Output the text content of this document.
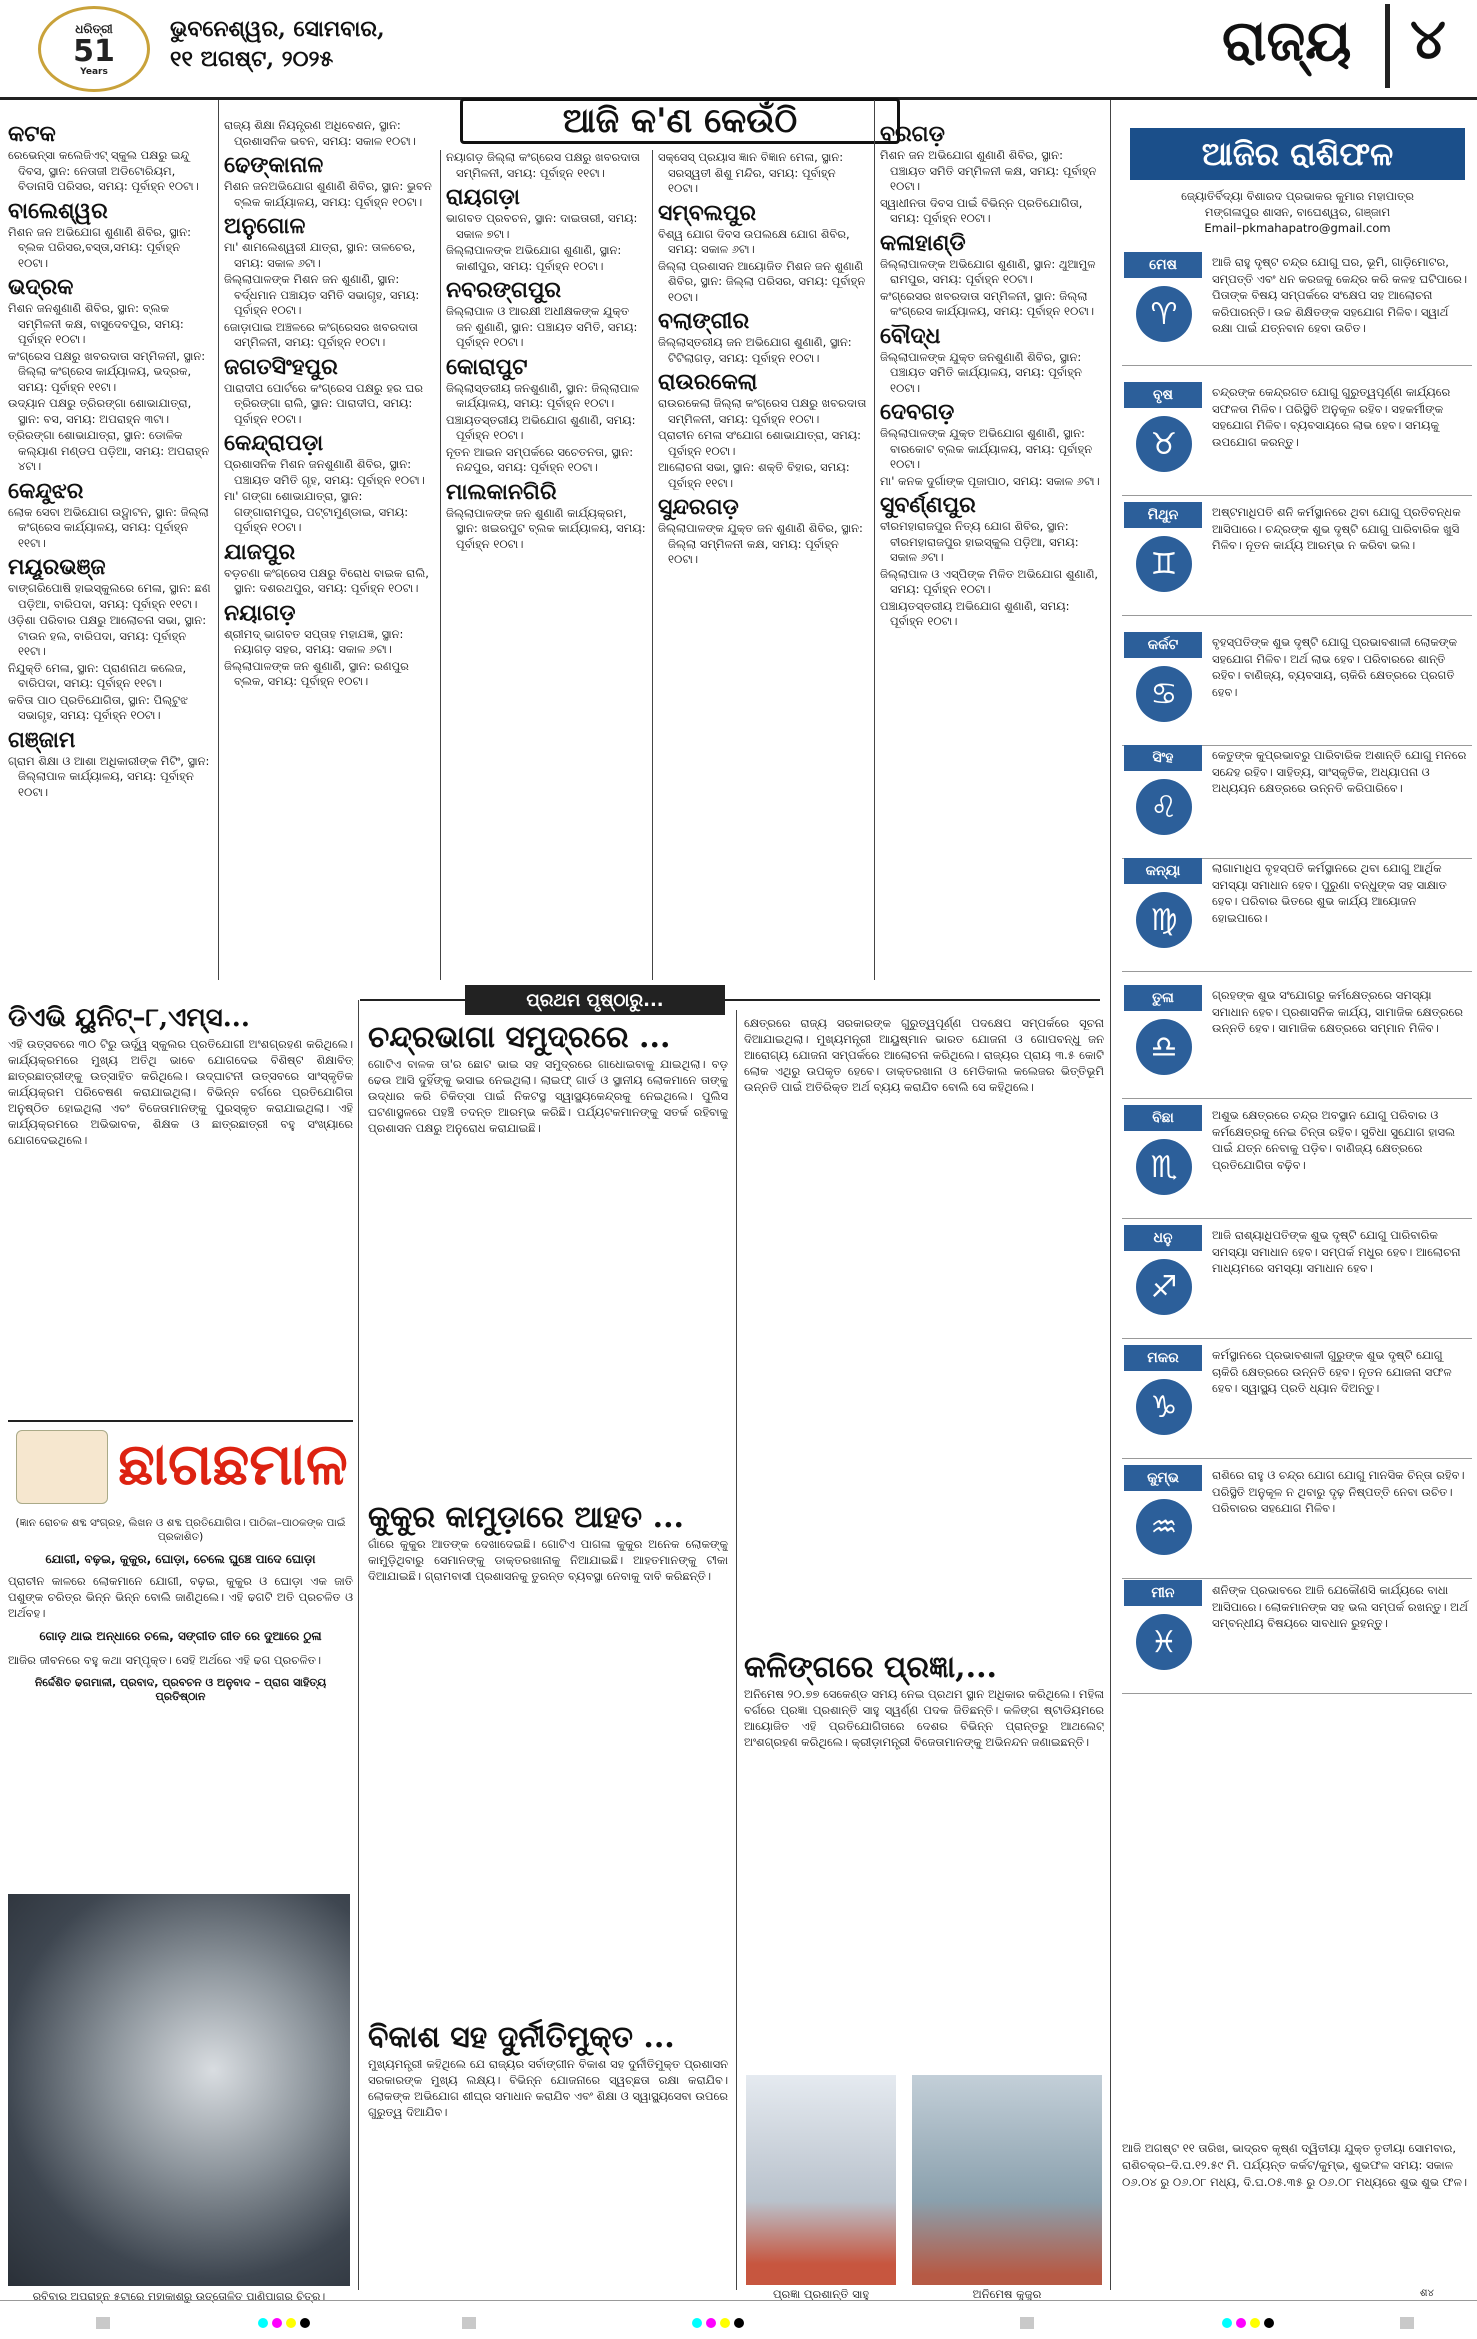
ଧରିତ୍ରୀ
51
Years
ଭୁବନେଶ୍ୱର, ସୋମବାର,
୧୧ ଅଗଷ୍ଟ, ୨୦୨୫	ରାଜ୍ୟ ୪
ଆଜି କ'ଣ କେଉଁଠି
କଟକ
ରେଭେନ୍ସା କଲେଜିଏଟ୍ ସ୍କୁଲ ପକ୍ଷରୁ ଇନ୍ଦୁ ଦିବସ, ସ୍ଥାନ: ନେତାଜୀ ଅଡିଟୋରିୟମ, ବିଡାନାସି ପରିସର, ସମୟ: ପୂର୍ବାହ୍ନ ୧୦ଟା।
ବାଲେଶ୍ୱର
ମିଶନ ଜନ ଅଭିଯୋଗ ଶୁଣାଣି ଶିବିର, ସ୍ଥାନ: ବ୍ଲକ ପରିସର,ବସ୍ତା,ସମୟ: ପୂର୍ବାହ୍ନ ୧୦ଟା।
ଭଦ୍ରକ
ମିଶନ ଜନଶୁଣାଣି ଶିବିର, ସ୍ଥାନ: ବ୍ଲକ ସମ୍ମିଳନୀ କକ୍ଷ, ବାସୁଦେବପୁର, ସମୟ: ପୂର୍ବାହ୍ନ ୧୦ଟା।
କଂଗ୍ରେସ ପକ୍ଷରୁ ଖବରଦାତା ସମ୍ମିଳନୀ, ସ୍ଥାନ: ଜିଲ୍ଲା କଂଗ୍ରେସ କାର୍ଯ୍ୟାଳୟ, ଭଦ୍ରକ, ସମୟ: ପୂର୍ବାହ୍ନ ୧୧ଟା।
ଉଦ୍ୟାନ ପକ୍ଷରୁ ତ୍ରିରଙ୍ଗା ଶୋଭାଯାତ୍ରା, ସ୍ଥାନ: ବସ, ସମୟ: ଅପରାହ୍ନ ୩ଟା।
ତ୍ରିରଙ୍ଗା ଶୋଭାଯାତ୍ରା, ସ୍ଥାନ: ଡୋଳିକ କଲ୍ୟାଣ ମଣ୍ଡପ ପଡ଼ିଆ, ସମୟ: ଅପରାହ୍ନ ୪ଟା।
କେନ୍ଦୁଝର
ଲୋକ ସେବା ଅଭିଯୋଗ ଉଦ୍ଘାଟନ, ସ୍ଥାନ: ଜିଲ୍ଲା କଂଗ୍ରେସ କାର୍ଯ୍ୟାଳୟ, ସମୟ: ପୂର୍ବାହ୍ନ ୧୧ଟା।
ମୟୂରଭଞ୍ଜ
ବାଙ୍ଗରିପୋଷି ହାଇସ୍କୁଲରେ ମେଳା, ସ୍ଥାନ: ଛଣ ପଡ଼ିଆ, ବାରିପଦା, ସମୟ: ପୂର୍ବାହ୍ନ ୧୧ଟା।
ଓଡ଼ିଶା ପରିବାର ପକ୍ଷରୁ ଆଲୋଚନା ସଭା, ସ୍ଥାନ: ଟାଉନ ହଲ, ବାରିପଦା, ସମୟ: ପୂର୍ବାହ୍ନ ୧୧ଟା।
ନିଯୁକ୍ତି ମେଳା, ସ୍ଥାନ: ପ୍ରାଣନାଥ କଲେଜ, ବାରିପଦା, ସମୟ: ପୂର୍ବାହ୍ନ ୧୧ଟା।
କବିତା ପାଠ ପ୍ରତିଯୋଗିତା, ସ୍ଥାନ: ପିଲ୍ଟୁଝ ସଭାଗୃହ, ସମୟ: ପୂର୍ବାହ୍ନ ୧୦ଟା।
ଗଞ୍ଜାମ
ଗ୍ରାମ ଶିକ୍ଷା ଓ ଆଶା ଅଧିକାରୀଙ୍କ ମିଟିଂ, ସ୍ଥାନ: ଜିଲ୍ଲାପାଳ କାର୍ଯ୍ୟାଳୟ, ସମୟ: ପୂର୍ବାହ୍ନ ୧୦ଟା।
ରାଜ୍ୟ ଶିକ୍ଷା ନିୟନ୍ତ୍ରଣ ଅଧିବେଶନ, ସ୍ଥାନ: ପ୍ରଶାସନିକ ଭବନ, ସମୟ: ସକାଳ ୧୦ଟା।
ଢେଙ୍କାନାଳ
ମିଶନ ଜନଅଭିଯୋଗ ଶୁଣାଣି ଶିବିର, ସ୍ଥାନ: ଭୁବନ ବ୍ଲକ କାର୍ଯ୍ୟାଳୟ, ସମୟ: ପୂର୍ବାହ୍ନ ୧୦ଟା।
ଅନୁଗୋଳ
ମା' ଶାମଲେଶ୍ୱରୀ ଯାତ୍ରା, ସ୍ଥାନ: ତାଳଚେର, ସମୟ: ସକାଳ ୬ଟା।
ଜିଲ୍ଲାପାଳଙ୍କ ମିଶନ ଜନ ଶୁଣାଣି, ସ୍ଥାନ: ବର୍ଦ୍ଧମାନ ପଞ୍ଚାୟତ ସମିତି ସଭାଗୃହ, ସମୟ: ପୂର୍ବାହ୍ନ ୧୦ଟା।
ଜୋଡ଼ାପାଇ ଅଞ୍ଚଳରେ କଂଗ୍ରେସର ଖବରଦାତା ସମ୍ମିଳନୀ, ସମୟ: ପୂର୍ବାହ୍ନ ୧୦ଟା।
ଜଗତସିଂହପୁର
ପାରାଦୀପ ପୋର୍ଟରେ କଂଗ୍ରେସ ପକ୍ଷରୁ ହର ଘର ତ୍ରିରଙ୍ଗା ରାଲି, ସ୍ଥାନ: ପାରାଦୀପ, ସମୟ: ପୂର୍ବାହ୍ନ ୧୦ଟା।
କେନ୍ଦ୍ରାପଡ଼ା
ପ୍ରଶାସନିକ ମିଶନ ଜନଶୁଣାଣି ଶିବିର, ସ୍ଥାନ: ପଞ୍ଚାୟତ ସମିତି ଗୃହ, ସମୟ: ପୂର୍ବାହ୍ନ ୧୦ଟା।
ମା' ଗଙ୍ଗା ଶୋଭାଯାତ୍ରା, ସ୍ଥାନ: ଗଙ୍ଗାରାମପୁର, ପଟ୍ଟାମୁଣ୍ଡାଇ, ସମୟ: ପୂର୍ବାହ୍ନ ୧୦ଟା।
ଯାଜପୁର
ବଡ଼ଚଣା କଂଗ୍ରେସ ପକ୍ଷରୁ ବିରୋଧ ବାଇକ ରାଲି, ସ୍ଥାନ: ଦଶରଥପୁର, ସମୟ: ପୂର୍ବାହ୍ନ ୧୦ଟା।
ନୟାଗଡ଼
ଶ୍ରୀମଦ୍ ଭାଗବତ ସପ୍ତାହ ମହାଯଜ୍ଞ, ସ୍ଥାନ: ନୟାଗଡ଼ ସହର, ସମୟ: ସକାଳ ୬ଟା।
ଜିଲ୍ଲାପାଳଙ୍କ ଜନ ଶୁଣାଣି, ସ୍ଥାନ: ରଣପୁର ବ୍ଲକ, ସମୟ: ପୂର୍ବାହ୍ନ ୧୦ଟା।
ନୟାଗଡ଼ ଜିଲ୍ଲା କଂଗ୍ରେସ ପକ୍ଷରୁ ଖବରଦାତା ସମ୍ମିଳନୀ, ସମୟ: ପୂର୍ବାହ୍ନ ୧୧ଟା।
ରାୟଗଡ଼ା
ଭାଗବତ ପ୍ରବଚନ, ସ୍ଥାନ: ଦାଇତାରୀ, ସମୟ: ସକାଳ ୭ଟା।
ଜିଲ୍ଲାପାଳଙ୍କ ଅଭିଯୋଗ ଶୁଣାଣି, ସ୍ଥାନ: କାଶୀପୁର, ସମୟ: ପୂର୍ବାହ୍ନ ୧୦ଟା।
ନବରଙ୍ଗପୁର
ଜିଲ୍ଲାପାଳ ଓ ଆରକ୍ଷୀ ଅଧୀକ୍ଷକଙ୍କ ଯୁକ୍ତ ଜନ ଶୁଣାଣି, ସ୍ଥାନ: ପଞ୍ଚାୟତ ସମିତି, ସମୟ: ପୂର୍ବାହ୍ନ ୧୦ଟା।
କୋରାପୁଟ
ଜିଲ୍ଲାସ୍ତରୀୟ ଜନଶୁଣାଣି, ସ୍ଥାନ: ଜିଲ୍ଲାପାଳ କାର୍ଯ୍ୟାଳୟ, ସମୟ: ପୂର୍ବାହ୍ନ ୧୦ଟା।
ପଞ୍ଚାୟତସ୍ତରୀୟ ଅଭିଯୋଗ ଶୁଣାଣି, ସମୟ: ପୂର୍ବାହ୍ନ ୧୦ଟା।
ନୂତନ ଆଇନ ସମ୍ପର୍କରେ ସଚେତନତା, ସ୍ଥାନ: ନନ୍ଦପୁର, ସମୟ: ପୂର୍ବାହ୍ନ ୧୦ଟା।
ମାଲକାନଗିରି
ଜିଲ୍ଲାପାଳଙ୍କ ଜନ ଶୁଣାଣି କାର୍ଯ୍ୟକ୍ରମ, ସ୍ଥାନ: ଖଇରପୁଟ ବ୍ଲକ କାର୍ଯ୍ୟାଳୟ, ସମୟ: ପୂର୍ବାହ୍ନ ୧୦ଟା।
ସକ୍ସେସ୍ ପ୍ରୟାସ ଜ୍ଞାନ ବିଜ୍ଞାନ ମେଳା, ସ୍ଥାନ: ସରସ୍ୱତୀ ଶିଶୁ ମନ୍ଦିର, ସମୟ: ପୂର୍ବାହ୍ନ ୧୦ଟା।
ସମ୍ବଲପୁର
ବିଶ୍ୱ ଯୋଗ ଦିବସ ଉପଲକ୍ଷେ ଯୋଗ ଶିବିର, ସମୟ: ସକାଳ ୬ଟା।
ଜିଲ୍ଲା ପ୍ରଶାସନ ଆୟୋଜିତ ମିଶନ ଜନ ଶୁଣାଣି ଶିବିର, ସ୍ଥାନ: ଜିଲ୍ଲା ପରିସର, ସମୟ: ପୂର୍ବାହ୍ନ ୧୦ଟା।
ବଲାଙ୍ଗୀର
ଜିଲ୍ଲାସ୍ତରୀୟ ଜନ ଅଭିଯୋଗ ଶୁଣାଣି, ସ୍ଥାନ: ଟିଟିଲାଗଡ଼, ସମୟ: ପୂର୍ବାହ୍ନ ୧୦ଟା।
ରାଉରକେଲା
ରାଉରକେଲା ଜିଲ୍ଲା କଂଗ୍ରେସ ପକ୍ଷରୁ ଖବରଦାତା ସମ୍ମିଳନୀ, ସମୟ: ପୂର୍ବାହ୍ନ ୧୦ଟା।
ପ୍ରାଚୀନ ମେଳା ସଂଯୋଗ ଶୋଭାଯାତ୍ରା, ସମୟ: ପୂର୍ବାହ୍ନ ୧୦ଟା।
ଆଲୋଚନା ସଭା, ସ୍ଥାନ: ଶକ୍ତି ବିହାର, ସମୟ: ପୂର୍ବାହ୍ନ ୧୧ଟା।
ସୁନ୍ଦରଗଡ଼
ଜିଲ୍ଲାପାଳଙ୍କ ଯୁକ୍ତ ଜନ ଶୁଣାଣି ଶିବିର, ସ୍ଥାନ: ଜିଲ୍ଲା ସମ୍ମିଳନୀ କକ୍ଷ, ସମୟ: ପୂର୍ବାହ୍ନ ୧୦ଟା।
ବରଗଡ଼
ମିଶନ ଜନ ଅଭିଯୋଗ ଶୁଣାଣି ଶିବିର, ସ୍ଥାନ: ପଞ୍ଚାୟତ ସମିତି ସମ୍ମିଳନୀ କକ୍ଷ, ସମୟ: ପୂର୍ବାହ୍ନ ୧୦ଟା।
ସ୍ୱାଧୀନତା ଦିବସ ପାଇଁ ବିଭିନ୍ନ ପ୍ରତିଯୋଗିତା, ସମୟ: ପୂର୍ବାହ୍ନ ୧୦ଟା।
କଳାହାଣ୍ଡି
ଜିଲ୍ଲାପାଳଙ୍କ ଅଭିଯୋଗ ଶୁଣାଣି, ସ୍ଥାନ: ଥୁଆମୁଳ ରାମପୁର, ସମୟ: ପୂର୍ବାହ୍ନ ୧୦ଟା।
କଂଗ୍ରେସର ଖବରଦାତା ସମ୍ମିଳନୀ, ସ୍ଥାନ: ଜିଲ୍ଲା କଂଗ୍ରେସ କାର୍ଯ୍ୟାଳୟ, ସମୟ: ପୂର୍ବାହ୍ନ ୧୦ଟା।
ବୌଦ୍ଧ
ଜିଲ୍ଲାପାଳଙ୍କ ଯୁକ୍ତ ଜନଶୁଣାଣି ଶିବିର, ସ୍ଥାନ: ପଞ୍ଚାୟତ ସମିତି କାର୍ଯ୍ୟାଳୟ, ସମୟ: ପୂର୍ବାହ୍ନ ୧୦ଟା।
ଦେବଗଡ଼
ଜିଲ୍ଲାପାଳଙ୍କ ଯୁକ୍ତ ଅଭିଯୋଗ ଶୁଣାଣି, ସ୍ଥାନ: ବାରକୋଟ ବ୍ଲକ କାର୍ଯ୍ୟାଳୟ, ସମୟ: ପୂର୍ବାହ୍ନ ୧୦ଟା।
ମା' କନକ ଦୁର୍ଗାଙ୍କ ପୂଜାପାଠ, ସମୟ: ସକାଳ ୬ଟା।
ସୁବର୍ଣ୍ଣପୁର
ବୀରମହାରାଜପୁର ନିତ୍ୟ ଯୋଗ ଶିବିର, ସ୍ଥାନ: ବୀରମହାରାଜପୁର ହାଇସ୍କୁଲ ପଡ଼ିଆ, ସମୟ: ସକାଳ ୬ଟା।
ଜିଲ୍ଲାପାଳ ଓ ଏସ୍ପିଙ୍କ ମିଳିତ ଅଭିଯୋଗ ଶୁଣାଣି, ସମୟ: ପୂର୍ବାହ୍ନ ୧୦ଟା।
ପଞ୍ଚାୟତସ୍ତରୀୟ ଅଭିଯୋଗ ଶୁଣାଣି, ସମୟ: ପୂର୍ବାହ୍ନ ୧୦ଟା।
ଆଜିର ରାଶିଫଳ
ଜ୍ୟୋତିର୍ବିଦ୍ୟା ବିଶାରଦ ପ୍ରଭାକର କୁମାର ମହାପାତ୍ର
ମଙ୍ଗଳାପୁର ଶାସନ, ବାଘେଶ୍ୱର, ଗଞ୍ଜାମ
Email–pkmahapatro@gmail.com
ମେଷ
♈
ଆଜି ରାହୁ ଦୃଷ୍ଟ ଚନ୍ଦ୍ର ଯୋଗୁ ଘର, ଭୂମି, ଗାଡ଼ିମୋଟର, ସମ୍ପତ୍ତି ଏବଂ ଧନ କରଜକୁ କେନ୍ଦ୍ର କରି କଳହ ଘଟିପାରେ। ପିତାଙ୍କ ବିଷୟ ସମ୍ପର୍କରେ ସଂକ୍ଷେପ ସହ ଆଲୋଚନା କରିପାରନ୍ତି। ଉଚ୍ଚ ଶିକ୍ଷିତଙ୍କ ସହଯୋଗ ମିଳିବ। ସ୍ୱାର୍ଥ ରକ୍ଷା ପାଇଁ ଯତ୍ନବାନ ହେବା ଉଚିତ।
ବୃଷ
♉
ଚନ୍ଦ୍ରଙ୍କ କେନ୍ଦ୍ରଗତ ଯୋଗୁ ଗୁରୁତ୍ୱପୂର୍ଣ୍ଣ କାର୍ଯ୍ୟରେ ସଫଳତା ମିଳିବ। ପରିସ୍ଥିତି ଅନୁକୂଳ ରହିବ। ସହକର୍ମୀଙ୍କ ସହଯୋଗ ମିଳିବ। ବ୍ୟବସାୟରେ ଲାଭ ହେବ। ସମୟକୁ ଉପଯୋଗ କରନ୍ତୁ।
ମିଥୁନ
♊
ଅଷ୍ଟମାଧିପତି ଶନି କର୍ମସ୍ଥାନରେ ଥିବା ଯୋଗୁ ପ୍ରତିବନ୍ଧକ ଆସିପାରେ। ଚନ୍ଦ୍ରଙ୍କ ଶୁଭ ଦୃଷ୍ଟି ଯୋଗୁ ପାରିବାରିକ ଖୁସି ମିଳିବ। ନୂତନ କାର୍ଯ୍ୟ ଆରମ୍ଭ ନ କରିବା ଭଲ।
କର୍କଟ
♋
ବୃହସ୍ପତିଙ୍କ ଶୁଭ ଦୃଷ୍ଟି ଯୋଗୁ ପ୍ରଭାବଶାଳୀ ଲୋକଙ୍କ ସହଯୋଗ ମିଳିବ। ଅର୍ଥ ଲାଭ ହେବ। ପରିବାରରେ ଶାନ୍ତି ରହିବ। ବାଣିଜ୍ୟ, ବ୍ୟବସାୟ, ଚାକିରି କ୍ଷେତ୍ରରେ ପ୍ରଗତି ହେବ।
ସିଂହ
♌
କେତୁଙ୍କ କୁପ୍ରଭାବରୁ ପାରିବାରିକ ଅଶାନ୍ତି ଯୋଗୁ ମନରେ ସନ୍ଦେହ ରହିବ। ସାହିତ୍ୟ, ସାଂସ୍କୃତିକ, ଅଧ୍ୟାପନା ଓ ଅଧ୍ୟୟନ କ୍ଷେତ୍ରରେ ଉନ୍ନତି କରିପାରିବେ।
କନ୍ୟା
♍
ଲାଗାମାଧିପ ବୃହସ୍ପତି କର୍ମସ୍ଥାନରେ ଥିବା ଯୋଗୁ ଆର୍ଥିକ ସମସ୍ୟା ସମାଧାନ ହେବ। ପୁରୁଣା ବନ୍ଧୁଙ୍କ ସହ ସାକ୍ଷାତ ହେବ। ପରିବାର ଭିତରେ ଶୁଭ କାର୍ଯ୍ୟ ଆୟୋଜନ ହୋଇପାରେ।
ତୁଳା
♎
ଗ୍ରହଙ୍କ ଶୁଭ ସଂଯୋଗରୁ କର୍ମକ୍ଷେତ୍ରରେ ସମସ୍ୟା ସମାଧାନ ହେବ। ପ୍ରଶାସନିକ କାର୍ଯ୍ୟ, ସାମାଜିକ କ୍ଷେତ୍ରରେ ଉନ୍ନତି ହେବ। ସାମାଜିକ କ୍ଷେତ୍ରରେ ସମ୍ମାନ ମିଳିବ।
ବିଛା
♏
ଅଶୁଭ କ୍ଷେତ୍ରରେ ଚନ୍ଦ୍ର ଅବସ୍ଥାନ ଯୋଗୁ ପରିବାର ଓ କର୍ମକ୍ଷେତ୍ରକୁ ନେଇ ଚିନ୍ତା ରହିବ। ସୁବିଧା ସୁଯୋଗ ହାସଲ ପାଇଁ ଯତ୍ନ ନେବାକୁ ପଡ଼ିବ। ବାଣିଜ୍ୟ କ୍ଷେତ୍ରରେ ପ୍ରତିଯୋଗିତା ବଢ଼ିବ।
ଧନୁ
♐
ଆଜି ରାଶ୍ୟାଧିପତିଙ୍କ ଶୁଭ ଦୃଷ୍ଟି ଯୋଗୁ ପାରିବାରିକ ସମସ୍ୟା ସମାଧାନ ହେବ। ସମ୍ପର୍କ ମଧୁର ହେବ। ଆଲୋଚନା ମାଧ୍ୟମରେ ସମସ୍ୟା ସମାଧାନ ହେବ।
ମକର
♑
କର୍ମସ୍ଥାନରେ ପ୍ରଭାବଶାଳୀ ଗୁରୁଙ୍କ ଶୁଭ ଦୃଷ୍ଟି ଯୋଗୁ ଚାକିରି କ୍ଷେତ୍ରରେ ଉନ୍ନତି ହେବ। ନୂତନ ଯୋଜନା ସଫଳ ହେବ। ସ୍ୱାସ୍ଥ୍ୟ ପ୍ରତି ଧ୍ୟାନ ଦିଅନ୍ତୁ।
କୁମ୍ଭ
♒
ରାଶିରେ ରାହୁ ଓ ଚନ୍ଦ୍ର ଯୋଗ ଯୋଗୁ ମାନସିକ ଚିନ୍ତା ରହିବ। ପରିସ୍ଥିତି ଅନୁକୂଳ ନ ଥିବାରୁ ଦୃଢ଼ ନିଷ୍ପତ୍ତି ନେବା ଉଚିତ। ପରିବାରର ସହଯୋଗ ମିଳିବ।
ମୀନ
♓
ଶନିଙ୍କ ପ୍ରଭାବରେ ଆଜି ଯେକୌଣସି କାର୍ଯ୍ୟରେ ବାଧା ଆସିପାରେ। ଲୋକମାନଙ୍କ ସହ ଭଲ ସମ୍ପର୍କ ରଖନ୍ତୁ। ଅର୍ଥ ସମ୍ବନ୍ଧୀୟ ବିଷୟରେ ସାବଧାନ ରୁହନ୍ତୁ।
ଆଜି ଅଗଷ୍ଟ ୧୧ ତାରିଖ, ଭାଦ୍ରବ କୃଷ୍ଣ ଦ୍ୱିତୀୟା ଯୁକ୍ତ ତୃତୀୟା ସୋମବାର, ରାଶିଚକ୍ର–ଦି.ଘ.୧୨.୫୯ ମି. ପର୍ଯ୍ୟନ୍ତ କର୍କଟ/କୁମ୍ଭ, ଶୁଭଫଳ ସମୟ: ସକାଳ ୦୬.୦୪ ରୁ ୦୬.୦୮ ମଧ୍ୟ, ଦି.ଘ.୦୫.୩୫ ରୁ ୦୬.୦୮ ମଧ୍ୟରେ ଶୁଭ ଶୁଭ ଫଳ।
ପ୍ରଥମ ପୃଷ୍ଠାରୁ...
ଡିଏଭି ୟୁନିଟ୍–୮,ଏମ୍‌ସ...
ଏହି ଉତ୍ସବରେ ୩୦ ଟିରୁ ଊର୍ଦ୍ଧ୍ୱ ସ୍କୁଲର ପ୍ରତିଯୋଗୀ ଅଂଶଗ୍ରହଣ କରିଥିଲେ। କାର୍ଯ୍ୟକ୍ରମରେ ମୁଖ୍ୟ ଅତିଥି ଭାବେ ଯୋଗଦେଇ ବିଶିଷ୍ଟ ଶିକ୍ଷାବିତ୍ ଛାତ୍ରଛାତ୍ରୀଙ୍କୁ ଉତ୍ସାହିତ କରିଥିଲେ। ଉଦ୍‌ଘାଟନୀ ଉତ୍ସବରେ ସାଂସ୍କୃତିକ କାର୍ଯ୍ୟକ୍ରମ ପରିବେଷଣ କରାଯାଇଥିଲା। ବିଭିନ୍ନ ବର୍ଗରେ ପ୍ରତିଯୋଗିତା ଅନୁଷ୍ଠିତ ହୋଇଥିଲା ଏବଂ ବିଜେତାମାନଙ୍କୁ ପୁରସ୍କୃତ କରାଯାଇଥିଲା। ଏହି କାର୍ଯ୍ୟକ୍ରମରେ ଅଭିଭାବକ, ଶିକ୍ଷକ ଓ ଛାତ୍ରଛାତ୍ରୀ ବହୁ ସଂଖ୍ୟାରେ ଯୋଗଦେଇଥିଲେ।
ଛାଗଛମାଳ
(ଜ୍ଞାନ ରୋଚକ ଶବ୍ଦ ସଂଗ୍ରହ, ଲିଖନ ଓ ଶବ୍ଦ ପ୍ରତିଯୋଗିତା। ପାଠିକା–ପାଠକଙ୍କ ପାଇଁ ପ୍ରକାଶିତ)
ଯୋଗୀ, ବଢ଼ଇ, କୁକୁର, ଘୋଡ଼ା, ଚେଲେ ଘୁଞ୍ଚେ ପାଦେ ଘୋଡ଼ା
ପ୍ରାଚୀନ କାଳରେ ଲୋକମାନେ ଯୋଗୀ, ବଢ଼ଇ, କୁକୁର ଓ ଘୋଡ଼ା ଏକ ଜାତି ପଶୁଙ୍କ ଚରିତ୍ର ଭିନ୍ନ ଭିନ୍ନ ବୋଲି ଜାଣିଥିଲେ। ଏହି ଢଗଟି ଅତି ପ୍ରଚଳିତ ଓ ଅର୍ଥବହ।
ଗୋଡ଼ ଥାଇ ଅନ୍ଧାରେ ଚଲେ, ସଙ୍ଗୀତ ଗୀତ ରେ ଦୁଆରେ ଠୁଳା
ଆଜିର ଜୀବନରେ ବହୁ କଥା ସମ୍ପୃକ୍ତ। ସେହି ଅର୍ଥରେ ଏହି ଢଗ ପ୍ରଚଳିତ।
ନିର୍ଦ୍ଦେଶିତ ଢଗମାଳୀ, ପ୍ରବାଦ, ପ୍ରବଚନ ଓ ଅନୁବାଦ – ପ୍ରାଗ ସାହିତ୍ୟ ପ୍ରତିଷ୍ଠାନ
ରବିବାର ଅପରାହ୍ନ ୫ଟାରେ ମହାକାଶରୁ ଉତ୍ତୋଳିତ ପାଣିପାଗର ଚିତ୍ର।
ଚନ୍ଦ୍ରଭାଗା ସମୁଦ୍ରରେ ...
ଗୋଟିଏ ବାଳକ ତା'ର ଛୋଟ ଭାଇ ସହ ସମୁଦ୍ରରେ ଗାଧୋଇବାକୁ ଯାଇଥିଲା। ବଡ଼ ଢେଉ ଆସି ଦୁହିଁଙ୍କୁ ଭସାଇ ନେଇଥିଲା। ଲାଇଫ୍ ଗାର୍ଡ ଓ ସ୍ଥାନୀୟ ଲୋକମାନେ ତାଙ୍କୁ ଉଦ୍ଧାର କରି ଚିକିତ୍ସା ପାଇଁ ନିକଟସ୍ଥ ସ୍ୱାସ୍ଥ୍ୟକେନ୍ଦ୍ରକୁ ନେଇଥିଲେ। ପୁଲିସ ଘଟଣାସ୍ଥଳରେ ପହଞ୍ଚି ତଦନ୍ତ ଆରମ୍ଭ କରିଛି। ପର୍ଯ୍ୟଟକମାନଙ୍କୁ ସତର୍କ ରହିବାକୁ ପ୍ରଶାସନ ପକ୍ଷରୁ ଅନୁରୋଧ କରାଯାଇଛି।
କୁକୁର କାମୁଡ଼ାରେ ଆହତ ...
ଗାଁରେ କୁକୁର ଆତଙ୍କ ଦେଖାଦେଇଛି। ଗୋଟିଏ ପାଗଳା କୁକୁର ଅନେକ ଲୋକଙ୍କୁ କାମୁଡ଼ିଥିବାରୁ ସେମାନଙ୍କୁ ଡାକ୍ତରଖାନାକୁ ନିଆଯାଇଛି। ଆହତମାନଙ୍କୁ ଟୀକା ଦିଆଯାଇଛି। ଗ୍ରାମବାସୀ ପ୍ରଶାସନକୁ ତୁରନ୍ତ ବ୍ୟବସ୍ଥା ନେବାକୁ ଦାବି କରିଛନ୍ତି।
ବିକାଶ ସହ ଦୁର୍ନୀତିମୁକ୍ତ ...
ମୁଖ୍ୟମନ୍ତ୍ରୀ କହିଥିଲେ ଯେ ରାଜ୍ୟର ସର୍ବାଙ୍ଗୀନ ବିକାଶ ସହ ଦୁର୍ନୀତିମୁକ୍ତ ପ୍ରଶାସନ ସରକାରଙ୍କ ମୁଖ୍ୟ ଲକ୍ଷ୍ୟ। ବିଭିନ୍ନ ଯୋଜନାରେ ସ୍ୱଚ୍ଛତା ରକ୍ଷା କରାଯିବ। ଲୋକଙ୍କ ଅଭିଯୋଗ ଶୀଘ୍ର ସମାଧାନ କରାଯିବ ଏବଂ ଶିକ୍ଷା ଓ ସ୍ୱାସ୍ଥ୍ୟସେବା ଉପରେ ଗୁରୁତ୍ୱ ଦିଆଯିବ।
କ୍ଷେତ୍ରରେ ରାଜ୍ୟ ସରକାରଙ୍କ ଗୁରୁତ୍ୱପୂର୍ଣ୍ଣ ପଦକ୍ଷେପ ସମ୍ପର୍କରେ ସୂଚନା ଦିଆଯାଇଥିଲା। ମୁଖ୍ୟମନ୍ତ୍ରୀ ଆୟୁଷ୍ମାନ ଭାରତ ଯୋଜନା ଓ ଗୋପବନ୍ଧୁ ଜନ ଆରୋଗ୍ୟ ଯୋଜନା ସମ୍ପର୍କରେ ଆଲୋଚନା କରିଥିଲେ। ରାଜ୍ୟର ପ୍ରାୟ ୩.୫ କୋଟି ଲୋକ ଏଥିରୁ ଉପକୃତ ହେବେ। ଡାକ୍ତରଖାନା ଓ ମେଡିକାଲ କଲେଜର ଭିତ୍ତିଭୂମି ଉନ୍ନତି ପାଇଁ ଅତିରିକ୍ତ ଅର୍ଥ ବ୍ୟୟ କରାଯିବ ବୋଲି ସେ କହିଥିଲେ।
କଳିଙ୍ଗରେ ପ୍ରଜ୍ଞା,...
ଅନିମେଷ ୨୦.୭୭ ସେକେଣ୍ଡ ସମୟ ନେଇ ପ୍ରଥମ ସ୍ଥାନ ଅଧିକାର କରିଥିଲେ। ମହିଳା ବର୍ଗରେ ପ୍ରଜ୍ଞା ପ୍ରଶାନ୍ତି ସାହୁ ସ୍ୱର୍ଣ୍ଣ ପଦକ ଜିତିଛନ୍ତି। କଳିଙ୍ଗ ଷ୍ଟାଡିୟମରେ ଆୟୋଜିତ ଏହି ପ୍ରତିଯୋଗିତାରେ ଦେଶର ବିଭିନ୍ନ ପ୍ରାନ୍ତରୁ ଆଥଲେଟ୍ ଅଂଶଗ୍ରହଣ କରିଥିଲେ। କ୍ରୀଡ଼ାମନ୍ତ୍ରୀ ବିଜେତାମାନଙ୍କୁ ଅଭିନନ୍ଦନ ଜଣାଇଛନ୍ତି।
ପ୍ରଜ୍ଞା ପ୍ରଶାନ୍ତି ସାହୁ	ଅନିମେଷ କୁଜୁର	ଶ୪
